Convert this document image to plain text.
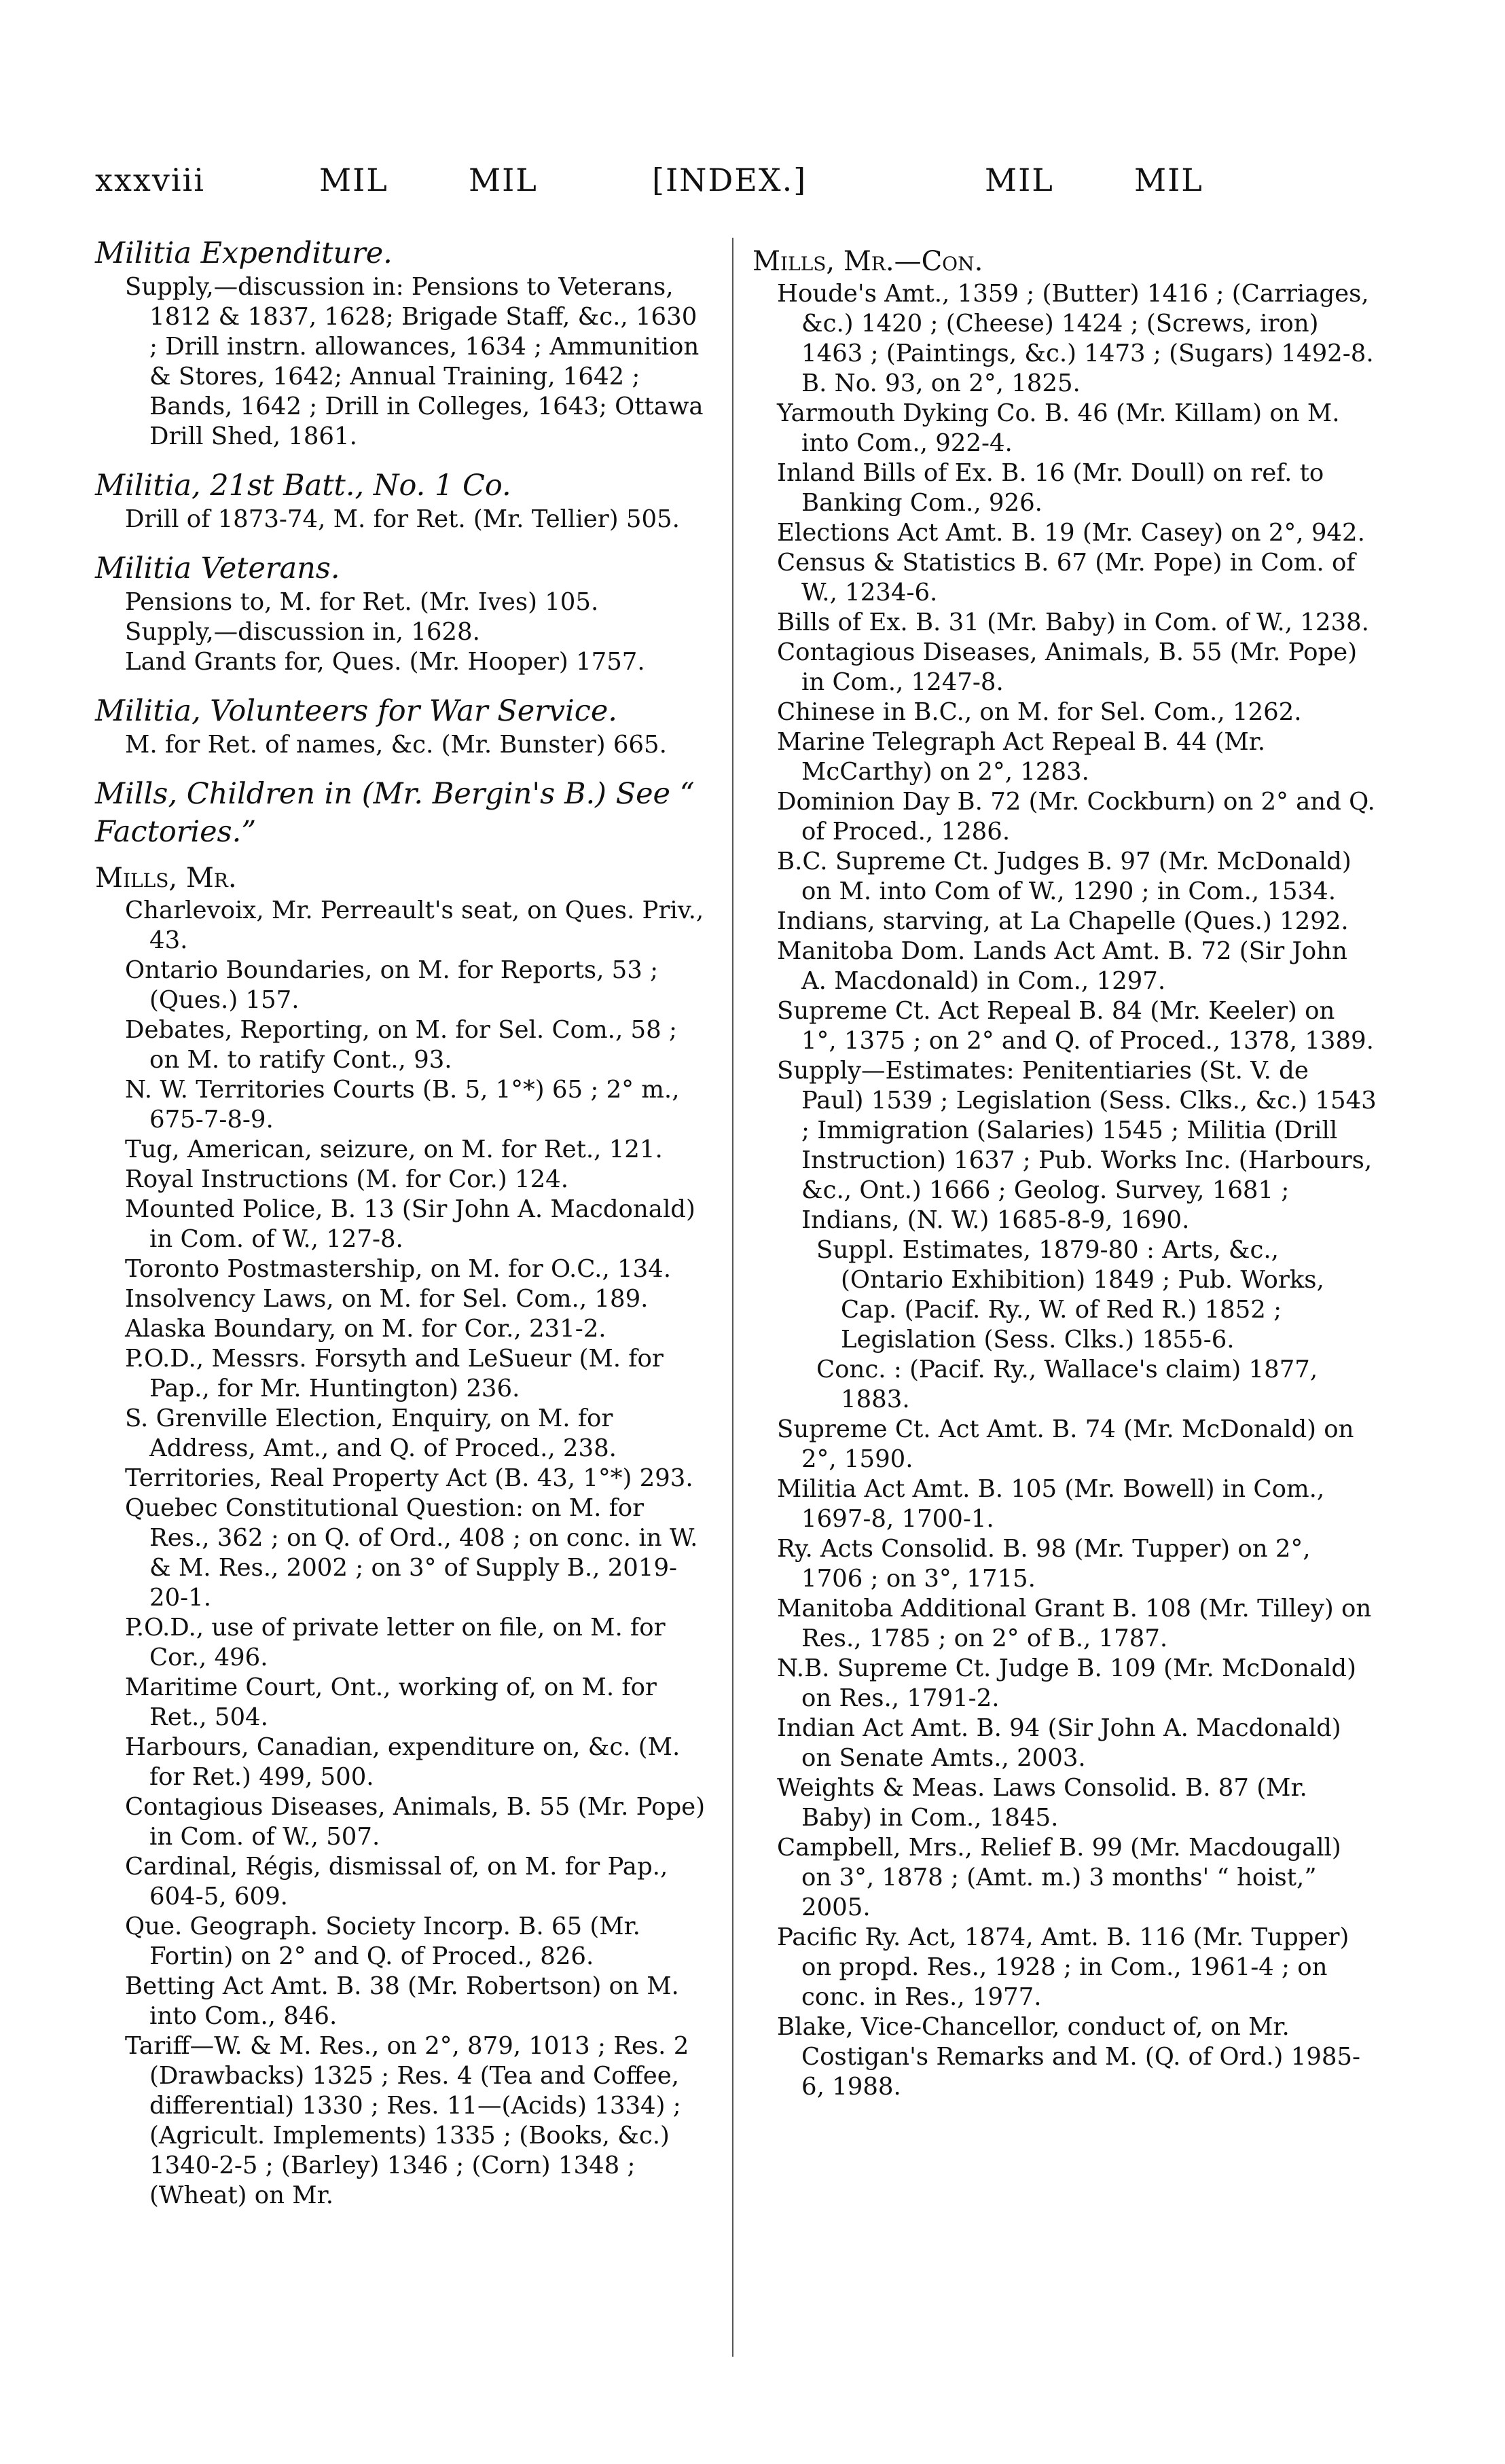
xxxviii	MIL	MIL	[INDEX.]	MIL	MIL

Militia Expenditure.

Supply,—discussion in: Pensions to Veterans, 1812 & 1837, 1628; Brigade Staff, &c., 1630 ; Drill instrn. allowances, 1634 ; Ammunition & Stores, 1642; Annual Training, 1642 ; Bands, 1642 ; Drill in Colleges, 1643; Ottawa Drill Shed, 1861.

Militia, 21st Batt., No. 1 Co.

Drill of 1873-74, M. for Ret. (Mr. Tellier) 505.

Militia Veterans.

Pensions to, M. for Ret. (Mr. Ives) 105.

Supply,—discussion in, 1628.

Land Grants for, Ques. (Mr. Hooper) 1757.

Militia, Volunteers for War Service.

M. for Ret. of names, &c. (Mr. Bunster) 665.

Mills, Children in (Mr. Bergin's B.) See “ Factories.”

Mills, Mr.

Charlevoix, Mr. Perreault's seat, on Ques. Priv., 43.

Ontario Boundaries, on M. for Reports, 53 ; (Ques.) 157.

Debates, Reporting, on M. for Sel. Com., 58 ; on M. to ratify Cont., 93.

N. W. Territories Courts (B. 5, 1°*) 65 ; 2° m., 675-7-8-9.

Tug, American, seizure, on M. for Ret., 121.

Royal Instructions (M. for Cor.) 124.

Mounted Police, B. 13 (Sir John A. Macdonald) in Com. of W., 127-8.

Toronto Postmastership, on M. for O.C., 134.

Insolvency Laws, on M. for Sel. Com., 189.

Alaska Boundary, on M. for Cor., 231-2.

P.O.D., Messrs. Forsyth and LeSueur (M. for Pap., for Mr. Huntington) 236.

S. Grenville Election, Enquiry, on M. for Address, Amt., and Q. of Proced., 238.

Territories, Real Property Act (B. 43, 1°*) 293.

Quebec Constitutional Question: on M. for Res., 362 ; on Q. of Ord., 408 ; on conc. in W. & M. Res., 2002 ; on 3° of Supply B., 2019-20-1.

P.O.D., use of private letter on file, on M. for Cor., 496.

Maritime Court, Ont., working of, on M. for Ret., 504.

Harbours, Canadian, expenditure on, &c. (M. for Ret.) 499, 500.

Contagious Diseases, Animals, B. 55 (Mr. Pope) in Com. of W., 507.

Cardinal, Régis, dismissal of, on M. for Pap., 604-5, 609.

Que. Geograph. Society Incorp. B. 65 (Mr. Fortin) on 2° and Q. of Proced., 826.

Betting Act Amt. B. 38 (Mr. Robertson) on M. into Com., 846.

Tariff—W. & M. Res., on 2°, 879, 1013 ; Res. 2 (Drawbacks) 1325 ; Res. 4 (Tea and Coffee, differential) 1330 ; Res. 11—(Acids) 1334) ; (Agricult. Implements) 1335 ; (Books, &c.) 1340-2-5 ; (Barley) 1346 ; (Corn) 1348 ; (Wheat) on Mr.

Mills, Mr.—Con.

Houde's Amt., 1359 ; (Butter) 1416 ; (Carriages, &c.) 1420 ; (Cheese) 1424 ; (Screws, iron) 1463 ; (Paintings, &c.) 1473 ; (Sugars) 1492-8. B. No. 93, on 2°, 1825.

Yarmouth Dyking Co. B. 46 (Mr. Killam) on M. into Com., 922-4.

Inland Bills of Ex. B. 16 (Mr. Doull) on ref. to Banking Com., 926.

Elections Act Amt. B. 19 (Mr. Casey) on 2°, 942.

Census & Statistics B. 67 (Mr. Pope) in Com. of W., 1234-6.

Bills of Ex. B. 31 (Mr. Baby) in Com. of W., 1238.

Contagious Diseases, Animals, B. 55 (Mr. Pope) in Com., 1247-8.

Chinese in B.C., on M. for Sel. Com., 1262.

Marine Telegraph Act Repeal B. 44 (Mr. McCarthy) on 2°, 1283.

Dominion Day B. 72 (Mr. Cockburn) on 2° and Q. of Proced., 1286.

B.C. Supreme Ct. Judges B. 97 (Mr. McDonald) on M. into Com of W., 1290 ; in Com., 1534.

Indians, starving, at La Chapelle (Ques.) 1292.

Manitoba Dom. Lands Act Amt. B. 72 (Sir John A. Macdonald) in Com., 1297.

Supreme Ct. Act Repeal B. 84 (Mr. Keeler) on 1°, 1375 ; on 2° and Q. of Proced., 1378, 1389.

Supply—Estimates: Penitentiaries (St. V. de Paul) 1539 ; Legislation (Sess. Clks., &c.) 1543 ; Immigration (Salaries) 1545 ; Militia (Drill Instruction) 1637 ; Pub. Works Inc. (Harbours, &c., Ont.) 1666 ; Geolog. Survey, 1681 ; Indians, (N. W.) 1685-8-9, 1690.

Suppl. Estimates, 1879-80 : Arts, &c., (Ontario Exhibition) 1849 ; Pub. Works, Cap. (Pacif. Ry., W. of Red R.) 1852 ; Legislation (Sess. Clks.) 1855-6.

Conc. : (Pacif. Ry., Wallace's claim) 1877, 1883.

Supreme Ct. Act Amt. B. 74 (Mr. McDonald) on 2°, 1590.

Militia Act Amt. B. 105 (Mr. Bowell) in Com., 1697-8, 1700-1.

Ry. Acts Consolid. B. 98 (Mr. Tupper) on 2°, 1706 ; on 3°, 1715.

Manitoba Additional Grant B. 108 (Mr. Tilley) on Res., 1785 ; on 2° of B., 1787.

N.B. Supreme Ct. Judge B. 109 (Mr. McDonald) on Res., 1791-2.

Indian Act Amt. B. 94 (Sir John A. Macdonald) on Senate Amts., 2003.

Weights & Meas. Laws Consolid. B. 87 (Mr. Baby) in Com., 1845.

Campbell, Mrs., Relief B. 99 (Mr. Macdougall) on 3°, 1878 ; (Amt. m.) 3 months' “ hoist,” 2005.

Pacific Ry. Act, 1874, Amt. B. 116 (Mr. Tupper) on propd. Res., 1928 ; in Com., 1961-4 ; on conc. in Res., 1977.

Blake, Vice-Chancellor, conduct of, on Mr. Costigan's Remarks and M. (Q. of Ord.) 1985-6, 1988.
